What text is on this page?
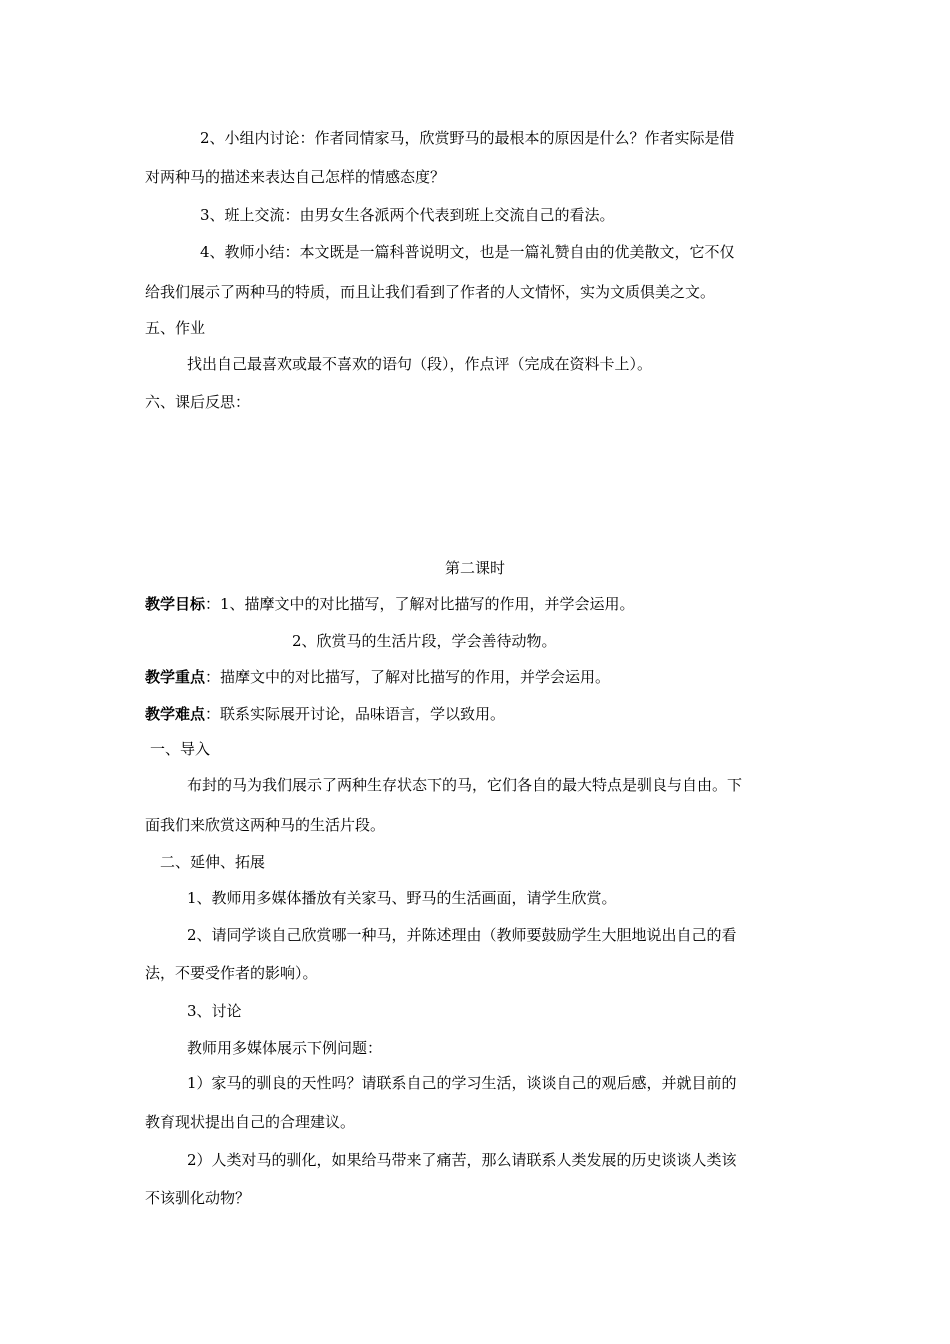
2、小组内讨论：作者同情家马，欣赏野马的最根本的原因是什么？作者实际是借
对两种马的描述来表达自己怎样的情感态度？
3、班上交流：由男女生各派两个代表到班上交流自己的看法。
4、教师小结：本文既是一篇科普说明文，也是一篇礼赞自由的优美散文，它不仅
给我们展示了两种马的特质，而且让我们看到了作者的人文情怀，实为文质俱美之文。
五、作业
找出自己最喜欢或最不喜欢的语句（段），作点评（完成在资料卡上）。
六、课后反思：
第二课时
教学目标：1、描摩文中的对比描写，了解对比描写的作用，并学会运用。
2、欣赏马的生活片段，学会善待动物。
教学重点：描摩文中的对比描写，了解对比描写的作用，并学会运用。
教学难点：联系实际展开讨论，品味语言，学以致用。
一、导入
布封的马为我们展示了两种生存状态下的马，它们各自的最大特点是驯良与自由。下
面我们来欣赏这两种马的生活片段。
二、延伸、拓展
1、教师用多媒体播放有关家马、野马的生活画面，请学生欣赏。
2、请同学谈自己欣赏哪一种马，并陈述理由（教师要鼓励学生大胆地说出自己的看
法，不要受作者的影响）。
3、讨论
教师用多媒体展示下例问题：
1）家马的驯良的天性吗？请联系自己的学习生活，谈谈自己的观后感，并就目前的
教育现状提出自己的合理建议。
2）人类对马的驯化，如果给马带来了痛苦，那么请联系人类发展的历史谈谈人类该
不该驯化动物？
